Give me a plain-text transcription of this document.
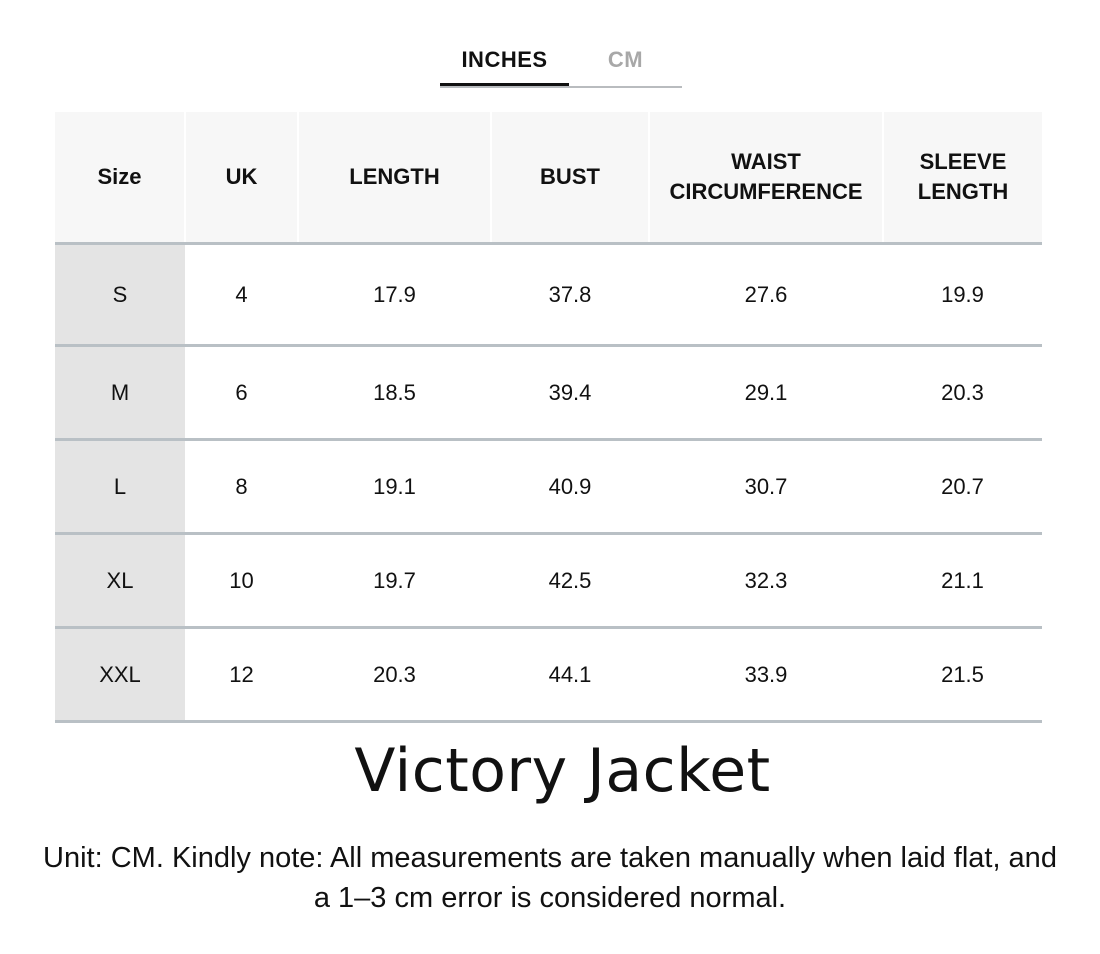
INCHES	CM
Size	UK	LENGTH	BUST	WAIST CIRCUMFERENCE	SLEEVE LENGTH
S	4	17.9	37.8	27.6	19.9
M	6	18.5	39.4	29.1	20.3
L	8	19.1	40.9	30.7	20.7
XL	10	19.7	42.5	32.3	21.1
XXL	12	20.3	44.1	33.9	21.5
Victory Jacket
Unit: CM. Kindly note: All measurements are taken manually when laid flat, and a 1–3 cm error is considered normal.
